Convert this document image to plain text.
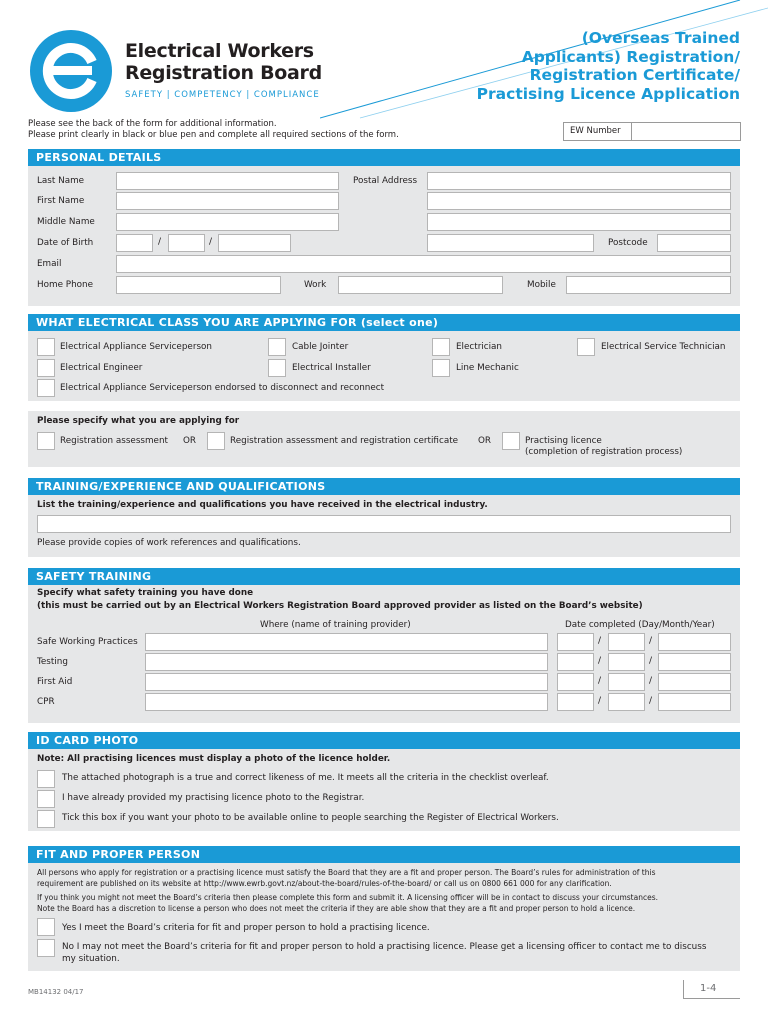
Electrical Workers
Registration Board
SAFETY | COMPETENCY | COMPLIANCE
(Overseas Trained
Applicants) Registration/
Registration Certificate/
Practising Licence Application
Please see the back of the form for additional information.
Please print clearly in black or blue pen and complete all required sections of the form.	EW Number
PERSONAL DETAILS
Last Name
First Name
Middle Name
Date of Birth	/	/
Email
Home Phone	Work	Mobile
Postal Address
Postcode
WHAT ELECTRICAL CLASS YOU ARE APPLYING FOR (select one)
Electrical Appliance Serviceperson	Cable Jointer	Electrician	Electrical Service Technician
Electrical Engineer	Electrical Installer	Line Mechanic
Electrical Appliance Serviceperson endorsed to disconnect and reconnect
Please specify what you are applying for
Registration assessment OR	Registration assessment and registration certificate OR	Practising licence
(completion of registration process)
TRAINING/EXPERIENCE AND QUALIFICATIONS
List the training/experience and qualifications you have received in the electrical industry.
Please provide copies of work references and qualifications.
SAFETY TRAINING
Specify what safety training you have done
(this must be carried out by an Electrical Workers Registration Board approved provider as listed on the Board’s website)
Where (name of training provider)	Date completed (Day/Month/Year)
Safe Working Practices	/	/
Testing	/	/
First Aid	/	/
CPR	/	/
ID CARD PHOTO
Note: All practising licences must display a photo of the licence holder.
The attached photograph is a true and correct likeness of me. It meets all the criteria in the checklist overleaf.
I have already provided my practising licence photo to the Registrar.
Tick this box if you want your photo to be available online to people searching the Register of Electrical Workers.
FIT AND PROPER PERSON
All persons who apply for registration or a practising licence must satisfy the Board that they are a fit and proper person. The Board’s rules for administration of this
requirement are published on its website at http://www.ewrb.govt.nz/about-the-board/rules-of-the-board/ or call us on 0800 661 000 for any clarification.
If you think you might not meet the Board’s criteria then please complete this form and submit it. A licensing officer will be in contact to discuss your circumstances.
Note the Board has a discretion to license a person who does not meet the criteria if they are able show that they are a fit and proper person to hold a licence.
Yes I meet the Board’s criteria for fit and proper person to hold a practising licence.
No I may not meet the Board’s criteria for fit and proper person to hold a practising licence. Please get a licensing officer to contact me to discuss
my situation.
MB14132 04/17	1-4
